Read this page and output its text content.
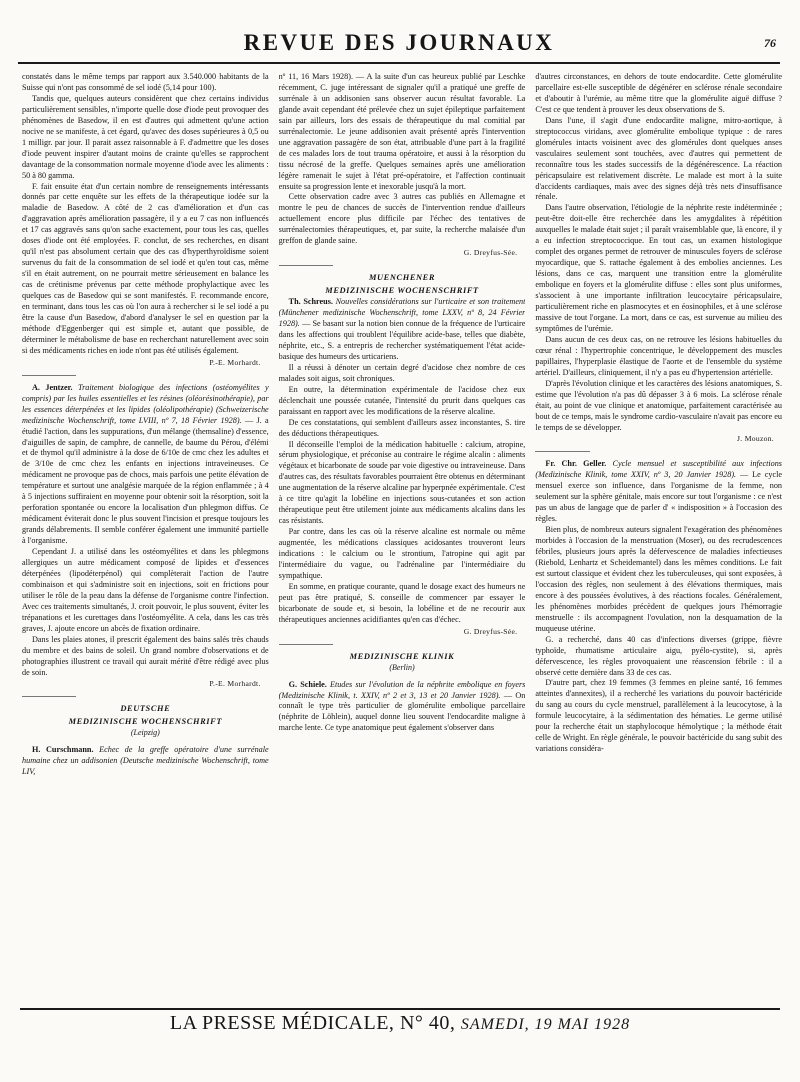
REVUE DES JOURNAUX	76

constatés dans le même temps par rapport aux 3.540.000 habitants de la Suisse qui n'ont pas consommé de sel iodé (5,14 pour 100).

Tandis que, quelques auteurs considèrent que chez certains individus particulièrement sensibles, n'importe quelle dose d'iode peut provoquer des phénomènes de Basedow, il en est d'autres qui admettent qu'une action nocive ne se manifeste, à cet égard, qu'avec des doses supérieures à 0,5 ou 1 milligr. par jour. Il parait assez raisonnable à F. d'admettre que les doses d'iode peuvent inspirer d'autant moins de crainte qu'elles se rapprochent davantage de la consommation normale moyenne d'iode avec les aliments : 50 à 80 gamma.

F. fait ensuite état d'un certain nombre de renseignements intéressants donnés par cette enquête sur les effets de la thérapeutique iodée sur la maladie de Basedow. A côté de 2 cas d'amélioration et d'un cas d'aggravation après amélioration passagère, il y a eu 7 cas non influencés et 17 cas aggravés sans qu'on sache exactement, pour tous les cas, quelles doses d'iode ont été employées. F. conclut, de ses recherches, en disant qu'il n'est pas absolument certain que des cas d'hyperthyroïdisme soient survenus du fait de la consommation de sel iodé et qu'en tout cas, même s'il en était autrement, on ne pourrait mettre sérieusement en balance les cas de crétinisme prévenus par cette méthode prophylactique avec les quelques cas de Basedow qui se sont manifestés. F. recommande encore, en terminant, dans tous les cas où l'on aura à rechercher si le sel iodé a pu être la cause d'un Basedow, d'abord d'analyser le sel en question par la méthode d'Eggenberger qui est simple et, autant que possible, de déterminer le métabolisme de base en recherchant naturellement avec soin si des médicaments riches en iode n'ont pas été utilisés également.

P.-E. Morhardt.

A. Jentzer. Traitement biologique des infections (ostéomyélites y compris) par les huiles essentielles et les résines (oléorésinothérapie), par les essences déterpénées et les lipides (oléolipothérapie) (Schweizerische medizinische Wochenschrift, tome LVIII, nº 7, 18 Février 1928). — J. a étudié l'action, dans les suppurations, d'un mélange (themsaline) d'essence, d'aiguilles de sapin, de camphre, de cannelle, de baume du Pérou, d'élémi et de thymol qu'il administre à la dose de 6/10e de cmc chez les adultes et de 3/10e de cmc chez les enfants en injections intraveineuses. Ce médicament ne provoque pas de chocs, mais parfois une petite élévation de température et surtout une analgésie marquée de la région enflammée ; à 4 à 5 injections suffiraient en moyenne pour obtenir soit la résorption, soit la perforation spontanée ou encore la localisation d'un phlegmon diffus. Ce médicament éviterait donc le plus souvent l'incision et presque toujours les grands délabrements. Il semble conférer également une immunité partielle à l'organisme.

Cependant J. a utilisé dans les ostéomyélites et dans les phlegmons allergiques un autre médicament composé de lipides et d'essences déterpénées (lipodéterpénol) qui complèterait l'action de l'autre combinaison et qui s'administre soit en injections, soit en frictions pour utiliser le rôle de la peau dans la défense de l'organisme contre l'infection. Avec ces traitements simultanés, J. croit pouvoir, le plus souvent, éviter les trépanations et les curettages dans l'ostéomyélite. A cela, dans les cas très graves, J. ajoute encore un abcès de fixation ordinaire.

Dans les plaies atones, il prescrit également des bains salés très chauds du membre et des bains de soleil. Un grand nombre d'observations et de photographies illustrent ce travail qui aurait mérité d'être rédigé avec plus de soin.

P.-E. Morhardt.
DEUTSCHE
MEDIZINISCHE WOCHENSCHRIFT
(Leipzig)

H. Curschmann. Echec de la greffe opératoire d'une surrénale humaine chez un addisonien (Deutsche medizinische Wochenschrift, tome LIV,

nº 11, 16 Mars 1928). — A la suite d'un cas heureux publié par Leschke récemment, C. juge intéressant de signaler qu'il a pratiqué une greffe de surrénale à un addisonien sans observer aucun résultat favorable. La glande avait cependant été prélevée chez un sujet épileptique parfaitement sain par ailleurs, lors des essais de thérapeutique du mal comitial par surrénalectomie. Le jeune addisonien avait présenté après l'intervention une aggravation passagère de son état, attribuable d'une part à la fragilité de ces malades lors de tout trauma opératoire, et aussi à la résorption du tissu nécrosé de la greffe. Quelques semaines après une amélioration légère ramenait le sujet à l'état pré-opératoire, et l'affection continuait ensuite sa progression lente et inexorable jusqu'à la mort.

Cette observation cadre avec 3 autres cas publiés en Allemagne et montre le peu de chances de succès de l'intervention rendue d'ailleurs actuellement encore plus difficile par l'échec des tentatives de surrénalectomies thérapeutiques, et, par suite, la recherche malaisée d'un greffon de glande saine.

G. Dreyfus-Sée.
MUENCHENER
MEDIZINISCHE WOCHENSCHRIFT

Th. Schreus. Nouvelles considérations sur l'urticaire et son traitement (Münchener medizinische Wochenschrift, tome LXXV, nº 8, 24 Février 1928). — Se basant sur la notion bien connue de la fréquence de l'urticaire dans les affections qui troublent l'équilibre acide-base, telles que diabète, néphrite, etc., S. a entrepris de rechercher systématiquement l'état acide-basique des humeurs des urticariens.

Il a réussi à dénoter un certain degré d'acidose chez nombre de ces malades soit aigus, soit chroniques.

En outre, la détermination expérimentale de l'acidose chez eux déclenchait une poussée cutanée, l'intensité du prurit dans quelques cas paraissant en rapport avec les modifications de la réserve alcaline.

De ces constatations, qui semblent d'ailleurs assez inconstantes, S. tire des déductions thérapeutiques.

Il déconseille l'emploi de la médication habituelle : calcium, atropine, sérum physiologique, et préconise au contraire le régime alcalin : aliments végétaux et bicarbonate de soude par voie digestive ou intraveineuse. Dans d'autres cas, des résultats favorables pourraient être obtenus en déterminant une augmentation de la réserve alcaline par hyperpnée expérimentale. C'est à ce titre qu'agit la lobéline en injections sous-cutanées et son action thérapeutique peut être utilement jointe aux médicaments alcalins dans les cas résistants.

Par contre, dans les cas où la réserve alcaline est normale ou même augmentée, les médications classiques acidosantes trouveront leurs indications : le calcium ou le strontium, l'atropine qui agit par l'intermédiaire du vague, ou l'adrénaline par l'intermédiaire du sympathique.

En somme, en pratique courante, quand le dosage exact des humeurs ne peut pas être pratiqué, S. conseille de commencer par essayer le bicarbonate de soude et, si besoin, la lobéline et de ne recourir aux thérapeutiques anciennes acidifiantes qu'en cas d'échec.

G. Dreyfus-Sée.
MEDIZINISCHE KLINIK
(Berlin)

G. Schiele. Etudes sur l'évolution de la néphrite embolique en foyers (Medizinische Klinik, t. XXIV, nº 2 et 3, 13 et 20 Janvier 1928). — On connaît le type très particulier de glomérulite embolique parcellaire (néphrite de Löhlein), auquel donne lieu souvent l'endocardite maligne à marche lente. Ce type anatomique peut également s'observer dans

d'autres circonstances, en dehors de toute endocardite. Cette glomérulite parcellaire est-elle susceptible de dégénérer en sclérose rénale secondaire et d'aboutir à l'urémie, au même titre que la glomérulite aiguë diffuse ? C'est ce que tendent à prouver les deux observations de S.

Dans l'une, il s'agit d'une endocardite maligne, mitro-aortique, à streptococcus viridans, avec glomérulite embolique typique : de rares glomérules intacts voisinent avec des glomérules dont quelques anses vasculaires seulement sont touchées, avec d'autres qui permettent de reconnaître tous les stades successifs de la dégénérescence. La réaction péricapsulaire est relativement discrète. Le malade est mort à la suite d'accidents cardiaques, mais avec des signes déjà très nets d'insuffisance rénale.

Dans l'autre observation, l'étiologie de la néphrite reste indéterminée ; peut-être doit-elle être recherchée dans les amygdalites à répétition auxquelles le malade était sujet ; il paraît vraisemblable que, là encore, il y a eu infection streptococcique. En tout cas, un examen histologique complet des organes permet de retrouver de minuscules foyers de sclérose myocardique, que S. rattache également à des embolies anciennes. Les lésions, dans ce cas, marquent une transition entre la glomérulite embolique en foyers et la glomérulite diffuse : elles sont plus uniformes, s'associent à une importante infiltration leucocytaire péricapsulaire, particulièrement riche en plasmocytes et en éosinophiles, et à une sclérose massive de tout l'organe. La mort, dans ce cas, est survenue au milieu des symptômes de l'urémie.

Dans aucun de ces deux cas, on ne retrouve les lésions habituelles du cœur rénal : l'hypertrophie concentrique, le développement des muscles papillaires, l'hyperplasie élastique de l'aorte et de l'ensemble du système artériel. D'ailleurs, cliniquement, il n'y a pas eu d'hypertension artérielle.

D'après l'évolution clinique et les caractères des lésions anatomiques, S. estime que l'évolution n'a pas dû dépasser 3 à 6 mois. La sclérose rénale était, au point de vue clinique et anatomique, parfaitement caractérisée au bout de ce temps, mais le syndrome cardio-vasculaire n'avait pas encore eu le temps de se développer.

J. Mouzon.

Fr. Chr. Geller. Cycle mensuel et susceptibilité aux infections (Medizinische Klinik, tome XXIV, nº 3, 20 Janvier 1928). — Le cycle mensuel exerce son influence, dans l'organisme de la femme, non seulement sur la sphère génitale, mais encore sur tout l'organisme : ce n'est pas un abus de langage que de parler d' « indisposition » à l'occasion des règles.

Bien plus, de nombreux auteurs signalent l'exagération des phénomènes morbides à l'occasion de la menstruation (Moser), ou des recrudescences fébriles, plusieurs jours après la défervescence de maladies infectieuses (Riebold, Lenhartz et Scheidemantel) dans les mêmes conditions. Le fait est surtout classique et évident chez les tuberculeuses, qui sont exposées, à l'occasion des règles, non seulement à des élévations thermiques, mais encore à des poussées évolutives, à des réactions focales. Généralement, les phénomènes morbides précèdent de quelques jours l'hémorragie menstruelle : ils accompagnent l'ovulation, non la desquamation de la muqueuse utérine.

G. a recherché, dans 40 cas d'infections diverses (grippe, fièvre typhoïde, rhumatisme articulaire aigu, pyélo-cystite), si, après défervescence, les règles provoquaient une réascension fébrile : il a observé cette dernière dans 33 de ces cas.

D'autre part, chez 19 femmes (3 femmes en pleine santé, 16 femmes atteintes d'annexites), il a recherché les variations du pouvoir bactéricide du sang au cours du cycle menstruel, parallèlement à la leucocytose, à la formule leucocytaire, à la sédimentation des hématies. Le germe utilisé pour la recherche était un staphylocoque hémolytique ; la méthode était celle de Wright. En règle générale, le pouvoir bactéricide du sang subit des variations considéra-

LA PRESSE MÉDICALE, N° 40, SAMEDI, 19 MAI 1928
